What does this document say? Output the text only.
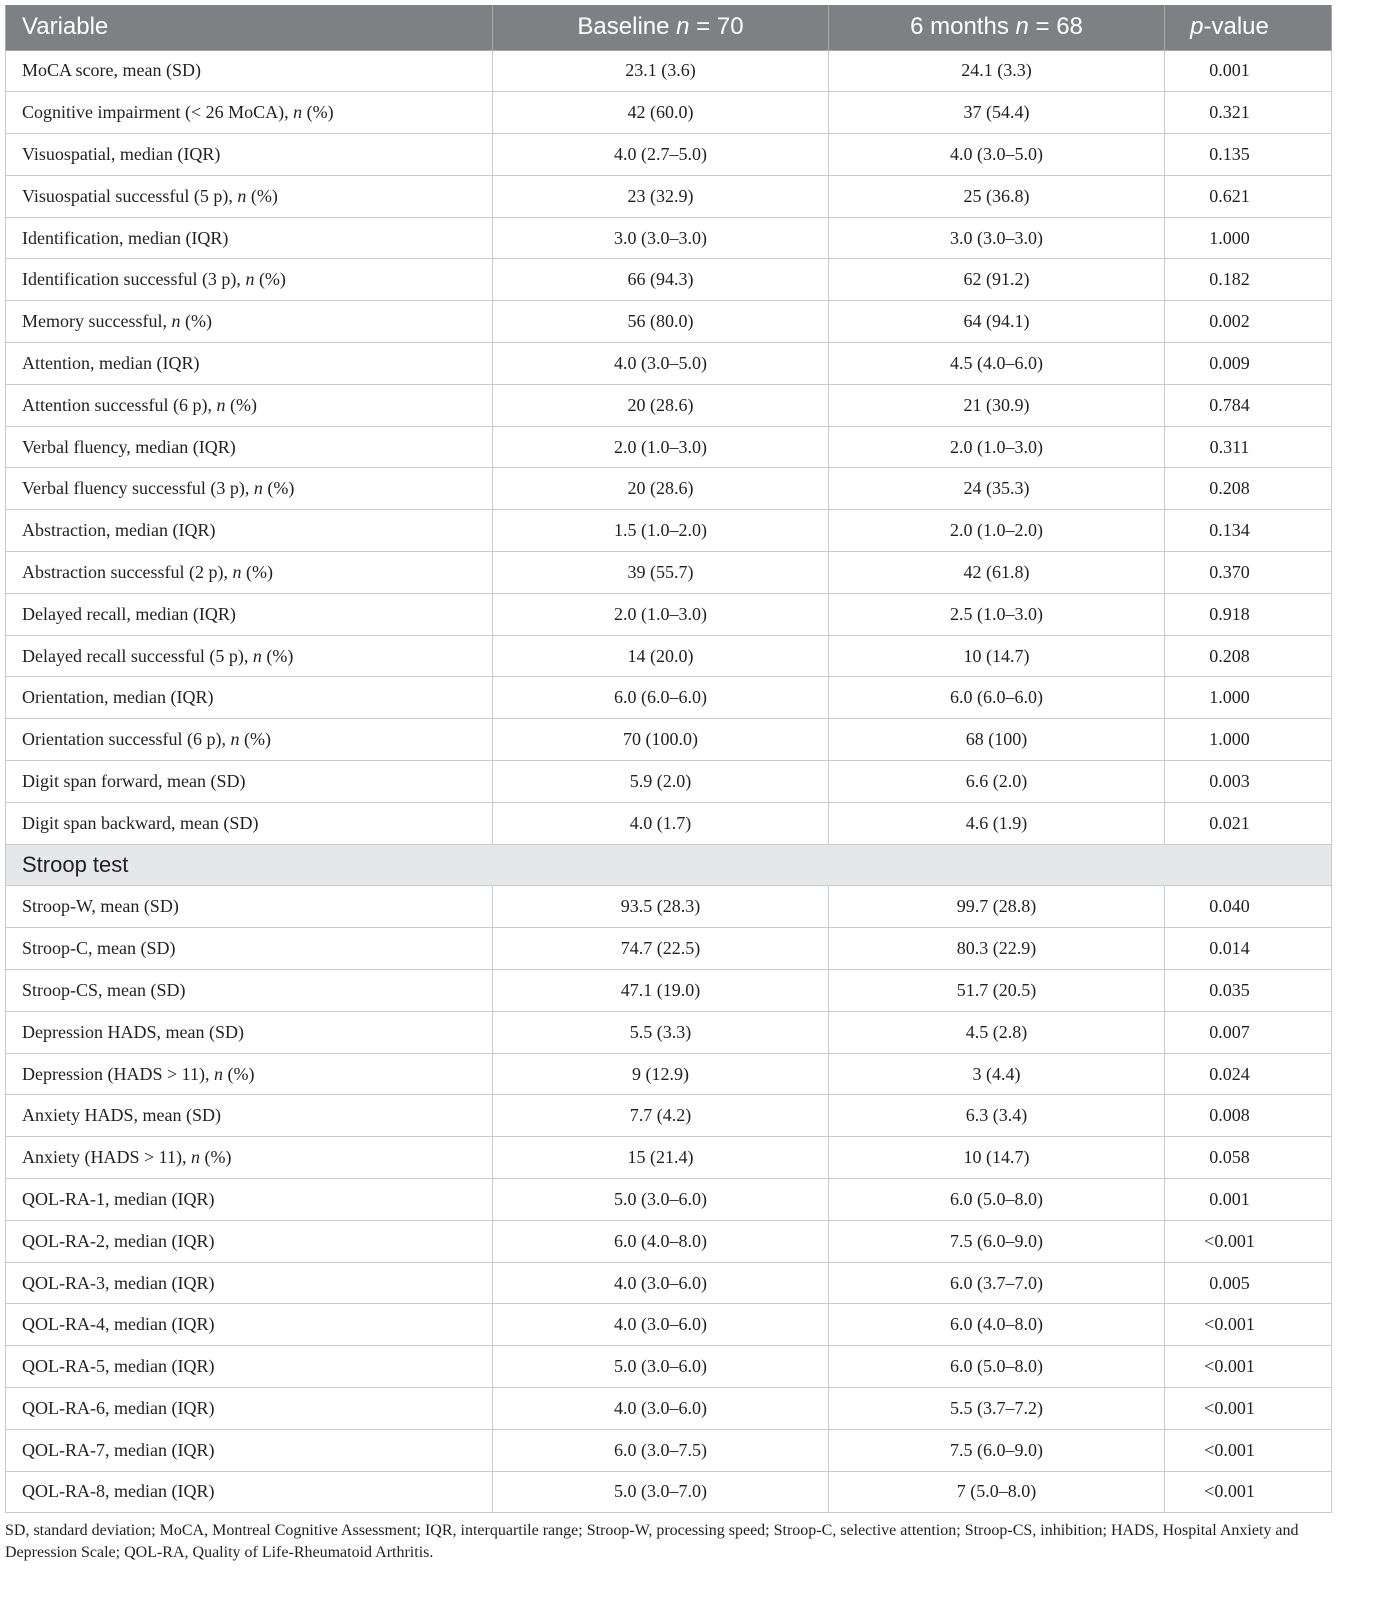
Variable	Baseline n = 70	6 months n = 68	p-value
MoCA score, mean (SD)	23.1 (3.6)	24.1 (3.3)	0.001
Cognitive impairment (< 26 MoCA), n (%)	42 (60.0)	37 (54.4)	0.321
Visuospatial, median (IQR)	4.0 (2.7–5.0)	4.0 (3.0–5.0)	0.135
Visuospatial successful (5 p), n (%)	23 (32.9)	25 (36.8)	0.621
Identification, median (IQR)	3.0 (3.0–3.0)	3.0 (3.0–3.0)	1.000
Identification successful (3 p), n (%)	66 (94.3)	62 (91.2)	0.182
Memory successful, n (%)	56 (80.0)	64 (94.1)	0.002
Attention, median (IQR)	4.0 (3.0–5.0)	4.5 (4.0–6.0)	0.009
Attention successful (6 p), n (%)	20 (28.6)	21 (30.9)	0.784
Verbal fluency, median (IQR)	2.0 (1.0–3.0)	2.0 (1.0–3.0)	0.311
Verbal fluency successful (3 p), n (%)	20 (28.6)	24 (35.3)	0.208
Abstraction, median (IQR)	1.5 (1.0–2.0)	2.0 (1.0–2.0)	0.134
Abstraction successful (2 p), n (%)	39 (55.7)	42 (61.8)	0.370
Delayed recall, median (IQR)	2.0 (1.0–3.0)	2.5 (1.0–3.0)	0.918
Delayed recall successful (5 p), n (%)	14 (20.0)	10 (14.7)	0.208
Orientation, median (IQR)	6.0 (6.0–6.0)	6.0 (6.0–6.0)	1.000
Orientation successful (6 p), n (%)	70 (100.0)	68 (100)	1.000
Digit span forward, mean (SD)	5.9 (2.0)	6.6 (2.0)	0.003
Digit span backward, mean (SD)	4.0 (1.7)	4.6 (1.9)	0.021
Stroop test			
Stroop-W, mean (SD)	93.5 (28.3)	99.7 (28.8)	0.040
Stroop-C, mean (SD)	74.7 (22.5)	80.3 (22.9)	0.014
Stroop-CS, mean (SD)	47.1 (19.0)	51.7 (20.5)	0.035
Depression HADS, mean (SD)	5.5 (3.3)	4.5 (2.8)	0.007
Depression (HADS > 11), n (%)	9 (12.9)	3 (4.4)	0.024
Anxiety HADS, mean (SD)	7.7 (4.2)	6.3 (3.4)	0.008
Anxiety (HADS > 11), n (%)	15 (21.4)	10 (14.7)	0.058
QOL-RA-1, median (IQR)	5.0 (3.0–6.0)	6.0 (5.0–8.0)	0.001
QOL-RA-2, median (IQR)	6.0 (4.0–8.0)	7.5 (6.0–9.0)	<0.001
QOL-RA-3, median (IQR)	4.0 (3.0–6.0)	6.0 (3.7–7.0)	0.005
QOL-RA-4, median (IQR)	4.0 (3.0–6.0)	6.0 (4.0–8.0)	<0.001
QOL-RA-5, median (IQR)	5.0 (3.0–6.0)	6.0 (5.0–8.0)	<0.001
QOL-RA-6, median (IQR)	4.0 (3.0–6.0)	5.5 (3.7–7.2)	<0.001
QOL-RA-7, median (IQR)	6.0 (3.0–7.5)	7.5 (6.0–9.0)	<0.001
QOL-RA-8, median (IQR)	5.0 (3.0–7.0)	7 (5.0–8.0)	<0.001
SD, standard deviation; MoCA, Montreal Cognitive Assessment; IQR, interquartile range; Stroop-W, processing speed; Stroop-C, selective attention; Stroop-CS, inhibition; HADS, Hospital Anxiety and Depression Scale; QOL-RA, Quality of Life-Rheumatoid Arthritis.
